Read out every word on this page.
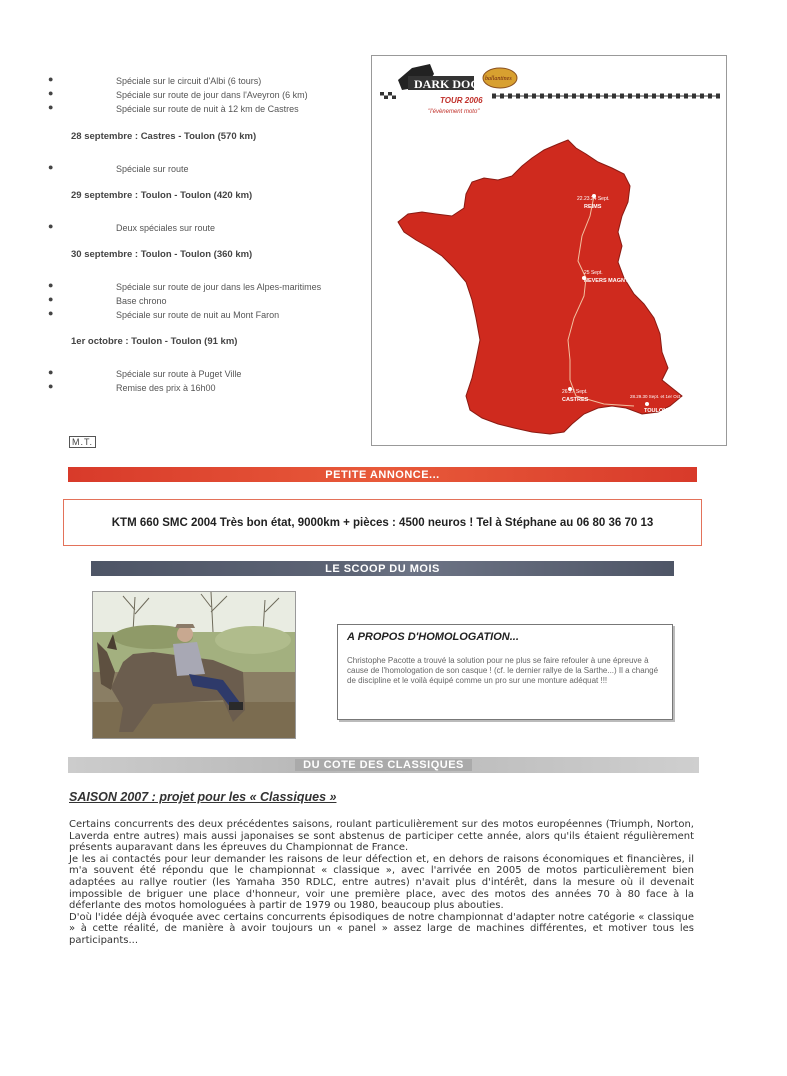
●	Spéciale sur le circuit d'Albi (6 tours)
●	Spéciale sur route de jour dans l'Aveyron (6 km)
●	Spéciale sur route de nuit à 12 km de Castres
28 septembre : Castres - Toulon (570 km)
●	Spéciale sur route
29 septembre : Toulon - Toulon (420 km)
●	Deux spéciales sur route
30 septembre : Toulon - Toulon (360 km)
●	Spéciale sur route de jour dans les Alpes-maritimes
●	Base chrono
●	Spéciale sur route de nuit au Mont Faron
1er octobre : Toulon - Toulon (91 km)
●	Spéciale sur route à Puget Ville
●	Remise des prix à 16h00
M.T.
DARK DOG
TOUR 2006
"l'évènement moto"
ballantines
22.23.24 Sept.
REIMS
25 Sept.
NEVERS MAGNY-COURS
26.27 Sept.
CASTRES
28.29.30 Sept. et 1er Oct.
TOULON
PETITE ANNONCE...
KTM 660 SMC 2004 Très bon état, 9000km + pièces : 4500 neuros ! Tel à Stéphane au 06 80 36 70 13
LE SCOOP DU MOIS
A PROPOS D'HOMOLOGATION...
Christophe Pacotte a trouvé la solution pour ne plus se faire refouler à une épreuve à cause de l'homologation de son casque ! (cf. le dernier rallye de la Sarthe...) Il a changé de discipline et le voilà équipé comme un pro sur une monture adéquat !!!
DU COTE DES CLASSIQUES
SAISON 2007 : projet pour les « Classiques »

Certains concurrents des deux précédentes saisons, roulant particulièrement sur des motos européennes (Triumph, Norton, Laverda entre autres) mais aussi japonaises se sont abstenus de participer cette année, alors qu'ils étaient régulièrement présents auparavant dans les épreuves du Championnat de France.

Je les ai contactés pour leur demander les raisons de leur défection et, en dehors de raisons économiques et financières, il m'a souvent été répondu que le championnat « classique », avec l'arrivée en 2005 de motos particulièrement bien adaptées au rallye routier (les Yamaha 350 RDLC, entre autres) n'avait plus d'intérêt, dans la mesure où il devenait impossible de briguer une place d'honneur, voir une première place, avec des motos des années 70 à 80 face à la déferlante des motos homologuées à partir de 1979 ou 1980, beaucoup plus abouties.

D'où l'idée déjà évoquée avec certains concurrents épisodiques de notre championnat d'adapter notre catégorie « classique » à cette réalité, de manière à avoir toujours un « panel » assez large de machines différentes, et motiver tous les participants...
